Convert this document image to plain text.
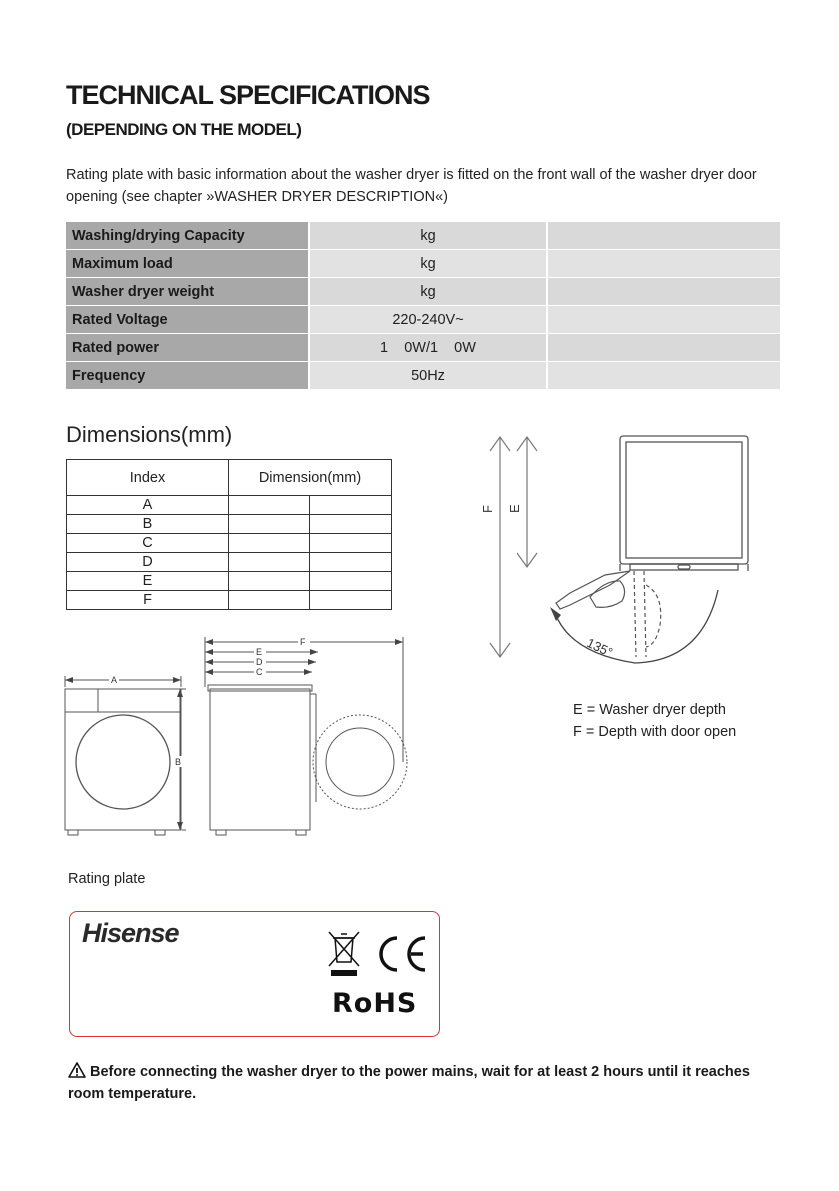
TECHNICAL SPECIFICATIONS
(DEPENDING ON THE MODEL)
Rating plate with basic information about the washer dryer is fitted on the front wall of the washer dryer door opening (see chapter »WASHER DRYER DESCRIPTION«)
Washing/drying Capacity	kg	
Maximum load	kg	
Washer dryer weight	kg	
Rated Voltage	220-240V~	
Rated power	1    0W/1    0W	
Frequency	50Hz	
Dimensions(mm)
Index	Dimension(mm)	
A		
B		
C		
D		
E		
F		
F E
135°
E = Washer dryer depth
F = Depth with door open
A
B
C
D
E
F
Rating plate
Hisense	CE
RoHS
Before connecting the washer dryer to the power mains, wait for at least 2 hours until it reaches room temperature.
